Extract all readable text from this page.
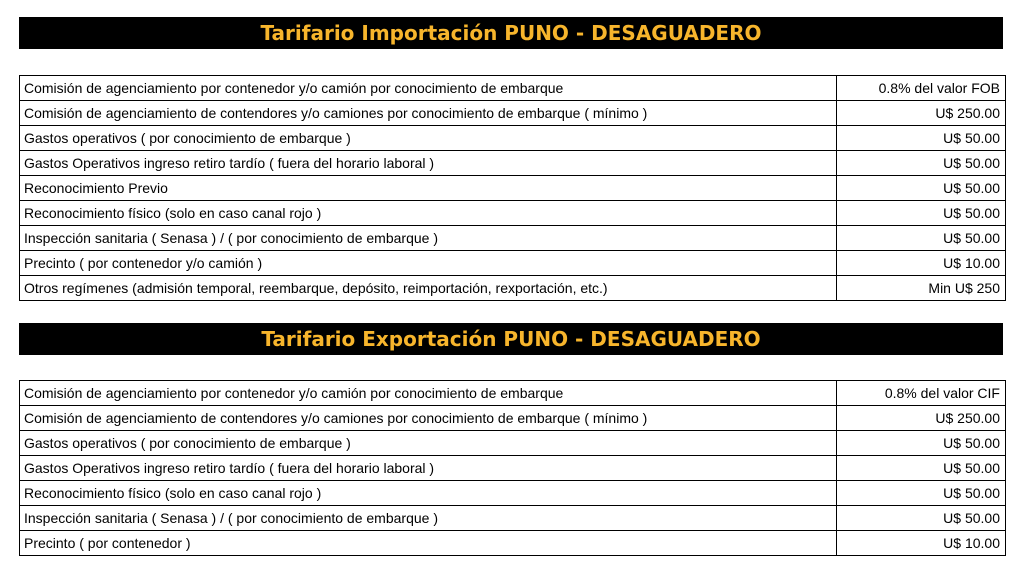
Tarifario Importación PUNO - DESAGUADERO
Comisión de agenciamiento por contenedor y/o camión por conocimiento de embarque	0.8% del valor FOB
Comisión de agenciamiento de contendores y/o camiones por conocimiento de embarque ( mínimo )	U$ 250.00
Gastos operativos ( por conocimiento de embarque )	U$ 50.00
Gastos Operativos ingreso retiro tardío ( fuera del horario laboral )	U$ 50.00
Reconocimiento Previo	U$ 50.00
Reconocimiento físico (solo en caso canal rojo )	U$ 50.00
Inspección sanitaria ( Senasa ) / ( por conocimiento de embarque )	U$ 50.00
Precinto ( por contenedor y/o camión )	U$ 10.00
Otros regímenes (admisión temporal, reembarque, depósito, reimportación, rexportación, etc.)	Min U$ 250
Tarifario Exportación PUNO - DESAGUADERO
Comisión de agenciamiento por contenedor y/o camión por conocimiento de embarque	0.8% del valor CIF
Comisión de agenciamiento de contendores y/o camiones por conocimiento de embarque ( mínimo )	U$ 250.00
Gastos operativos ( por conocimiento de embarque )	U$ 50.00
Gastos Operativos ingreso retiro tardío ( fuera del horario laboral )	U$ 50.00
Reconocimiento físico (solo en caso canal rojo )	U$ 50.00
Inspección sanitaria ( Senasa ) / ( por conocimiento de embarque )	U$ 50.00
Precinto ( por contenedor )	U$ 10.00
